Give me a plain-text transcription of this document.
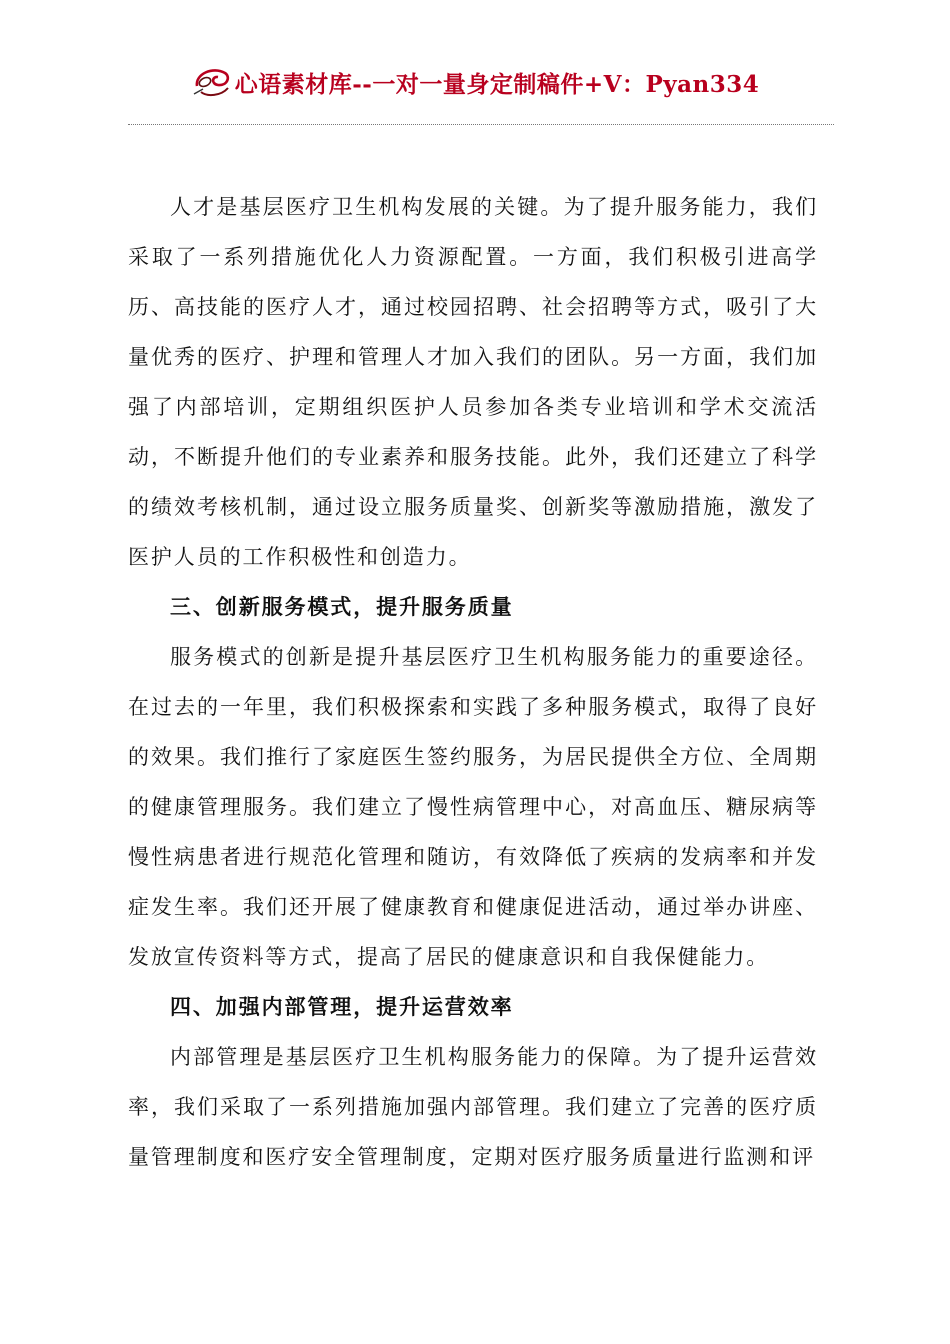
心语素材库--一对一量身定制稿件+V：Pyan334

人才是基层医疗卫生机构发展的关键。为了提升服务能力，我们采取了一系列措施优化人力资源配置。一方面，我们积极引进高学历、高技能的医疗人才，通过校园招聘、社会招聘等方式，吸引了大量优秀的医疗、护理和管理人才加入我们的团队。另一方面，我们加强了内部培训，定期组织医护人员参加各类专业培训和学术交流活动，不断提升他们的专业素养和服务技能。此外，我们还建立了科学的绩效考核机制，通过设立服务质量奖、创新奖等激励措施，激发了医护人员的工作积极性和创造力。

三、创新服务模式，提升服务质量

服务模式的创新是提升基层医疗卫生机构服务能力的重要途径。在过去的一年里，我们积极探索和实践了多种服务模式，取得了良好的效果。我们推行了家庭医生签约服务，为居民提供全方位、全周期的健康管理服务。我们建立了慢性病管理中心，对高血压、糖尿病等慢性病患者进行规范化管理和随访，有效降低了疾病的发病率和并发症发生率。我们还开展了健康教育和健康促进活动，通过举办讲座、发放宣传资料等方式，提高了居民的健康意识和自我保健能力。

四、加强内部管理，提升运营效率

内部管理是基层医疗卫生机构服务能力的保障。为了提升运营效率，我们采取了一系列措施加强内部管理。我们建立了完善的医疗质量管理制度和医疗安全管理制度，定期对医疗服务质量进行监测和评
